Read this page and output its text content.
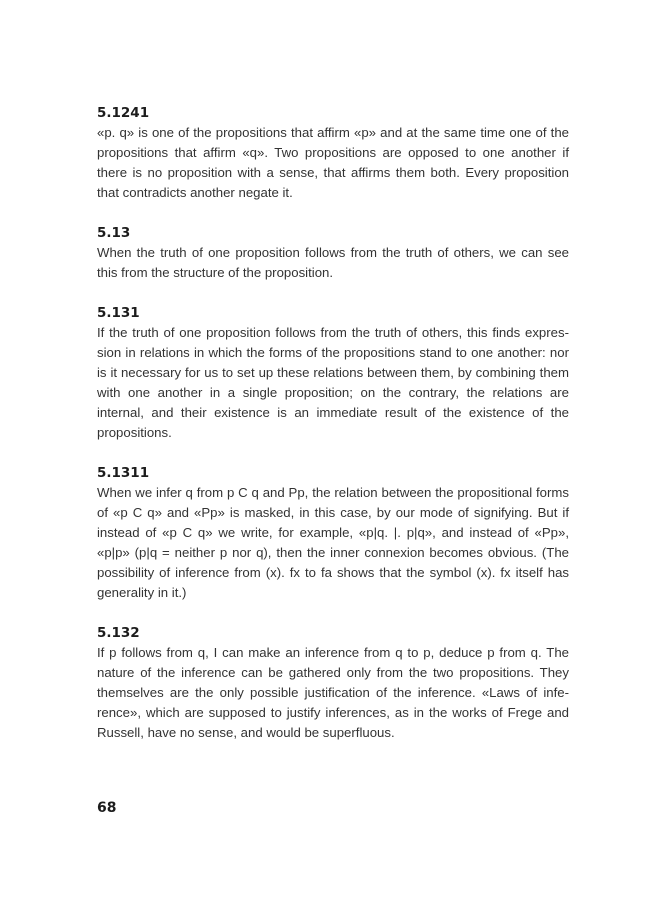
5.1241

«p. q» is one of the propositions that affirm «p» and at the same time one of the propositions that affirm «q». Two propositions are opposed to one another if there is no proposition with a sense, that affirms them both. Every proposition that contradicts another negate it.

5.13

When the truth of one proposition follows from the truth of others, we can see this from the structure of the proposition.

5.131

If the truth of one proposition follows from the truth of others, this finds expression in relations in which the forms of the propositions stand to one another: nor is it necessary for us to set up these relations between them, by combining them with one another in a single proposition; on the contrary, the relations are internal, and their existence is an immediate result of the existence of the propositions.

5.1311

When we infer q from p C q and Pp, the relation between the propositional forms of «p C q» and «Pp» is masked, in this case, by our mode of signifying. But if instead of «p C q» we write, for example, «p|q. |. p|q», and instead of «Pp», «p|p» (p|q = neither p nor q), then the inner connexion becomes obvious. (The possibility of inference from (x). fx to fa shows that the symbol (x). fx itself has generality in it.)

5.132

If p follows from q, I can make an inference from q to p, deduce p from q. The nature of the inference can be gathered only from the two propositions. They themselves are the only possible justification of the inference. «Laws of inference», which are supposed to justify inferences, as in the works of Frege and Russell, have no sense, and would be superfluous.

68
